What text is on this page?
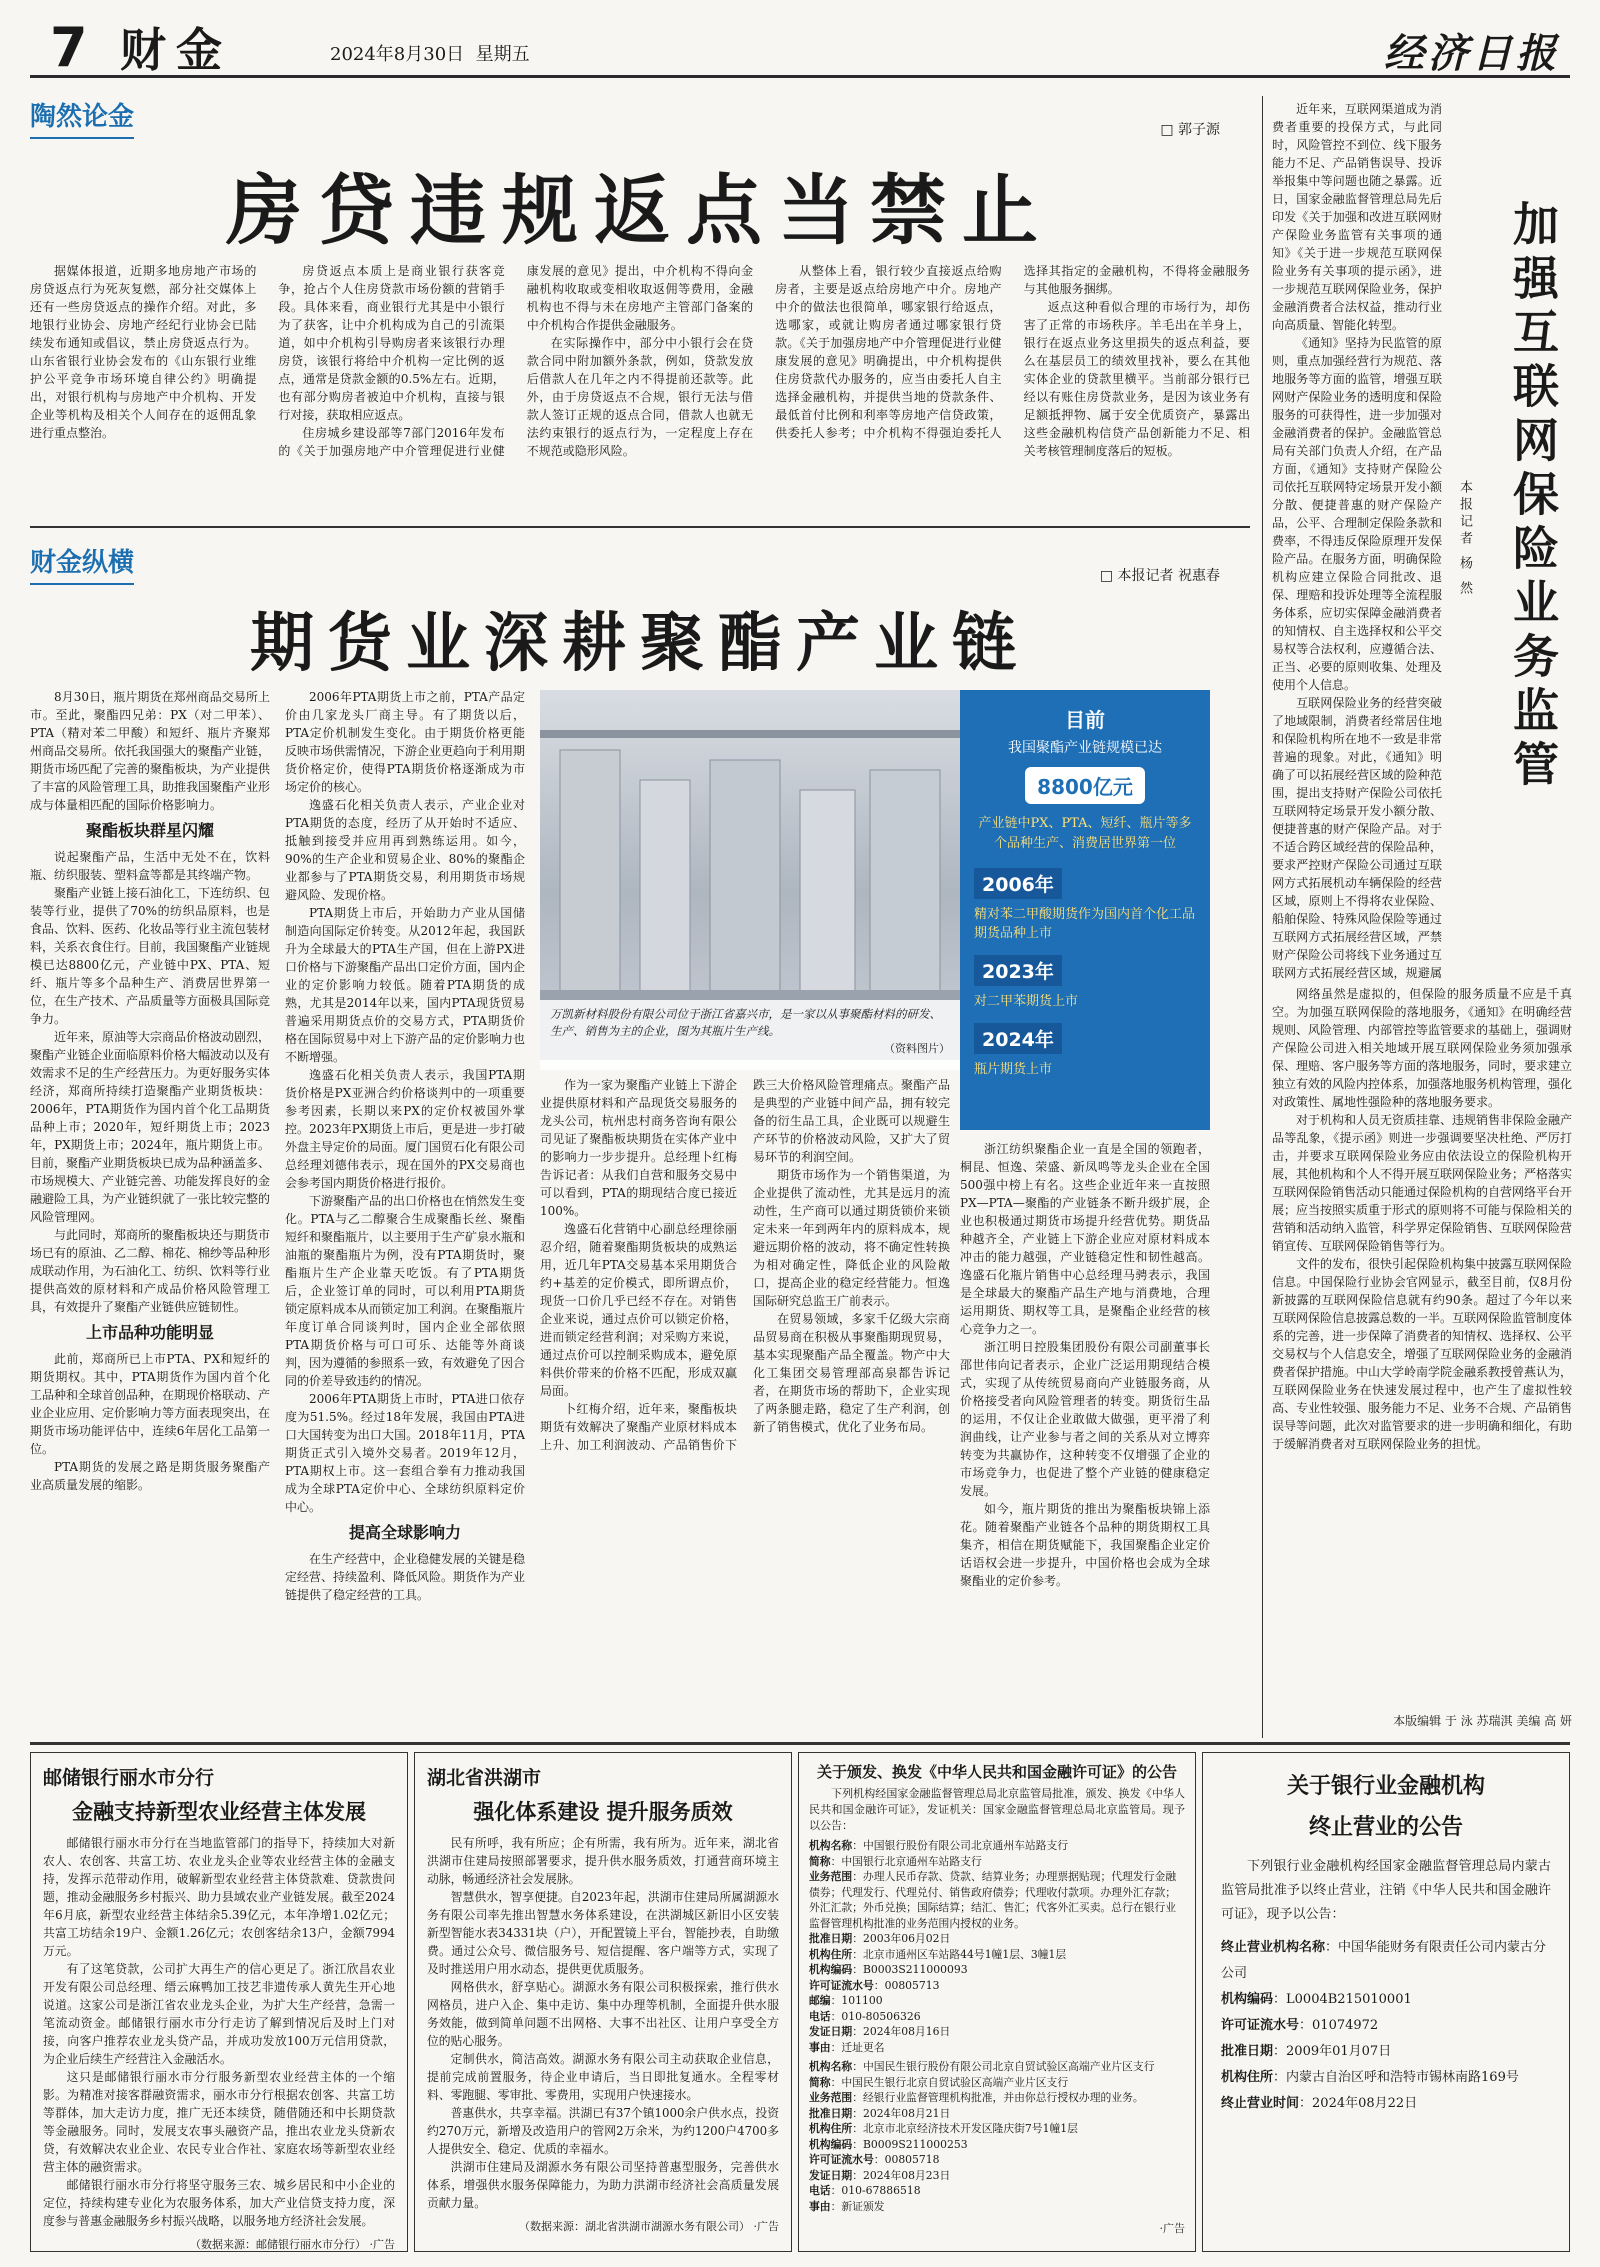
7 财金	2024年8月30日 星期五	经济日报
陶然论金	□ 郭子源
房贷违规返点当禁止

据媒体报道，近期多地房地产市场的房贷返点行为死灰复燃，部分社交媒体上还有一些房贷返点的操作介绍。对此，多地银行业协会、房地产经纪行业协会已陆续发布通知或倡议，禁止房贷返点行为。山东省银行业协会发布的《山东银行业维护公平竞争市场环境自律公约》明确提出，对银行机构与房地产中介机构、开发企业等机构及相关个人间存在的返佣乱象进行重点整治。

房贷返点本质上是商业银行获客竞争，抢占个人住房贷款市场份额的营销手段。具体来看，商业银行尤其是中小银行为了获客，让中介机构成为自己的引流渠道，如中介机构引导购房者来该银行办理房贷，该银行将给中介机构一定比例的返点，通常是贷款金额的0.5%左右。近期，也有部分购房者被迫中介机构，直接与银行对接，获取相应返点。

住房城乡建设部等7部门2016年发布的《关于加强房地产中介管理促进行业健康发展的意见》提出，中介机构不得向金融机构收取或变相收取返佣等费用，金融机构也不得与未在房地产主管部门备案的中介机构合作提供金融服务。

在实际操作中，部分中小银行会在贷款合同中附加额外条款，例如，贷款发放后借款人在几年之内不得提前还款等。此外，由于房贷返点不合规，银行无法与借款人签订正规的返点合同，借款人也就无法约束银行的返点行为，一定程度上存在不规范或隐形风险。

从整体上看，银行较少直接返点给购房者，主要是返点给房地产中介。房地产中介的做法也很简单，哪家银行给返点，选哪家，或就让购房者通过哪家银行贷款。《关于加强房地产中介管理促进行业健康发展的意见》明确提出，中介机构提供住房贷款代办服务的，应当由委托人自主选择金融机构，并提供当地的贷款条件、最低首付比例和利率等房地产信贷政策，供委托人参考；中介机构不得强迫委托人选择其指定的金融机构，不得将金融服务与其他服务捆绑。

返点这种看似合理的市场行为，却伤害了正常的市场秩序。羊毛出在羊身上，银行在返点业务这里损失的返点利益，要么在基层员工的绩效里找补，要么在其他实体企业的贷款里横平。当前部分银行已经以有账住房贷款业务，是因为该业务有足额抵押物、属于安全优质资产，暴露出这些金融机构信贷产品创新能力不足、相关考核管理制度落后的短板。

财金纵横	□ 本报记者 祝惠春
期货业深耕聚酯产业链
万凯新材料股份有限公司位于浙江省嘉兴市，是一家以从事聚酯材料的研发、生产、销售为主的企业，图为其瓶片生产线。
（资料图片）
目前
我国聚酯产业链规模已达
8800亿元
产业链中PX、PTA、短纤、瓶片等多个品种生产、消费居世界第一位
2006年
精对苯二甲酸期货作为国内首个化工品期货品种上市
2023年
对二甲苯期货上市
2024年
瓶片期货上市

8月30日，瓶片期货在郑州商品交易所上市。至此，聚酯四兄弟：PX（对二甲苯）、PTA（精对苯二甲酸）和短纤、瓶片齐聚郑州商品交易所。依托我国强大的聚酯产业链，期货市场匹配了完善的聚酯板块，为产业提供了丰富的风险管理工具，助推我国聚酯产业形成与体量相匹配的国际价格影响力。

聚酯板块群星闪耀

说起聚酯产品，生活中无处不在，饮料瓶、纺织服装、塑料盒等都是其终端产物。

聚酯产业链上接石油化工，下连纺织、包装等行业，提供了70%的纺织品原料，也是食品、饮料、医药、化妆品等行业主流包装材料，关系衣食住行。目前，我国聚酯产业链规模已达8800亿元，产业链中PX、PTA、短纤、瓶片等多个品种生产、消费居世界第一位，在生产技术、产品质量等方面极具国际竞争力。

近年来，原油等大宗商品价格波动剧烈，聚酯产业链企业面临原料价格大幅波动以及有效需求不足的生产经营压力。为更好服务实体经济，郑商所持续打造聚酯产业期货板块：2006年，PTA期货作为国内首个化工品期货品种上市；2020年，短纤期货上市；2023年，PX期货上市；2024年，瓶片期货上市。目前，聚酯产业期货板块已成为品种涵盖多、市场规模大、产业链完善、功能发挥良好的金融避险工具，为产业链织就了一张比较完整的风险管理网。

与此同时，郑商所的聚酯板块还与期货市场已有的原油、乙二醇、棉花、棉纱等品种形成联动作用，为石油化工、纺织、饮料等行业提供高效的原材料和产成品价格风险管理工具，有效提升了聚酯产业链供应链韧性。

上市品种功能明显

此前，郑商所已上市PTA、PX和短纤的期货期权。其中，PTA期货作为国内首个化工品种和全球首创品种，在期现价格联动、产业企业应用、定价影响力等方面表现突出，在期货市场功能评估中，连续6年居化工品第一位。

PTA期货的发展之路是期货服务聚酯产业高质量发展的缩影。

2006年PTA期货上市之前，PTA产品定价由几家龙头厂商主导。有了期货以后，PTA定价机制发生变化。由于期货价格更能反映市场供需情况，下游企业更趋向于利用期货价格定价，使得PTA期货价格逐渐成为市场定价的核心。

逸盛石化相关负责人表示，产业企业对PTA期货的态度，经历了从开始时不适应、抵触到接受并应用再到熟练运用。如今，90%的生产企业和贸易企业、80%的聚酯企业都参与了PTA期货交易，利用期货市场规避风险、发现价格。

PTA期货上市后，开始助力产业从国储制造向国际定价转变。从2012年起，我国跃升为全球最大的PTA生产国，但在上游PX进口价格与下游聚酯产品出口定价方面，国内企业的定价影响力较低。随着PTA期货的成熟，尤其是2014年以来，国内PTA现货贸易普遍采用期货点价的交易方式，PTA期货价格在国际贸易中对上下游产品的定价影响力也不断增强。

逸盛石化相关负责人表示，我国PTA期货价格是PX亚洲合约价格谈判中的一项重要参考因素，长期以来PX的定价权被国外掌控。2023年PX期货上市后，更是进一步打破外盘主导定价的局面。厦门国贸石化有限公司总经理刘德伟表示，现在国外的PX交易商也会参考国内期货价格进行报价。

下游聚酯产品的出口价格也在悄然发生变化。PTA与乙二醇聚合生成聚酯长丝、聚酯短纤和聚酯瓶片，以主要用于生产矿泉水瓶和油瓶的聚酯瓶片为例，没有PTA期货时，聚酯瓶片生产企业靠天吃饭。有了PTA期货后，企业签订单的同时，可以利用PTA期货锁定原料成本从而锁定加工利润。在聚酯瓶片年度订单合同谈判时，国内企业全部依照PTA期货价格与可口可乐、达能等外商谈判，因为遵循的参照系一致，有效避免了因合同的价差导致违约的情况。

2006年PTA期货上市时，PTA进口依存度为51.5%。经过18年发展，我国由PTA进口大国转变为出口大国。2018年11月，PTA期货正式引入境外交易者。2019年12月，PTA期权上市。这一套组合拳有力推动我国成为全球PTA定价中心、全球纺织原料定价中心。

提高全球影响力

在生产经营中，企业稳健发展的关键是稳定经营、持续盈利、降低风险。期货作为产业链提供了稳定经营的工具。

作为一家为聚酯产业链上下游企业提供原材料和产品现货交易服务的龙头公司，杭州忠村商务咨询有限公司见证了聚酯板块期货在实体产业中的影响力一步步提升。总经理卜红梅告诉记者：从我们自营和服务交易中可以看到，PTA的期现结合度已接近100%。

逸盛石化营销中心副总经理徐丽忍介绍，随着聚酯期货板块的成熟运用，近几年PTA交易基本采用期货合约+基差的定价模式，即所谓点价，现货一口价几乎已经不存在。对销售企业来说，通过点价可以锁定价格，进而锁定经营利润；对采购方来说，通过点价可以控制采购成本，避免原料供价带来的价格不匹配，形成双赢局面。

卜红梅介绍，近年来，聚酯板块期货有效解决了聚酯产业原材料成本上升、加工利润波动、产品销售价下跌三大价格风险管理痛点。聚酯产品是典型的产业链中间产品，拥有较完备的衍生品工具，企业既可以规避生产环节的价格波动风险，又扩大了贸易环节的利润空间。

期货市场作为一个销售渠道，为企业提供了流动性，尤其是远月的流动性，生产商可以通过期货锁价来锁定未来一年到两年内的原料成本，规避远期价格的波动，将不确定性转换为相对确定性，降低企业的风险敞口，提高企业的稳定经营能力。恒逸国际研究总监王广前表示。

在贸易领域，多家千亿级大宗商品贸易商在积极从事聚酯期现贸易，基本实现聚酯产品全覆盖。物产中大化工集团交易管理部高泉都告诉记者，在期货市场的帮助下，企业实现了两条腿走路，稳定了生产利润，创新了销售模式，优化了业务布局。

浙江纺织聚酯企业一直是全国的领跑者，桐昆、恒逸、荣盛、新凤鸣等龙头企业在全国500强中榜上有名。这些企业近年来一直按照PX—PTA—聚酯的产业链条不断升级扩展，企业也积极通过期货市场提升经营优势。期货品种越齐全，产业链上下游企业应对原材料成本冲击的能力越强，产业链稳定性和韧性越高。逸盛石化瓶片销售中心总经理马骋表示，我国是全球最大的聚酯产品生产地与消费地，合理运用期货、期权等工具，是聚酯企业经营的核心竞争力之一。

浙江明日控股集团股份有限公司副董事长邵世伟向记者表示，企业广泛运用期现结合模式，实现了从传统贸易商向产业链服务商，从价格接受者向风险管理者的转变。期货衍生品的运用，不仅让企业敢做大做强，更平滑了利润曲线，让产业参与者之间的关系从对立博弈转变为共赢协作，这种转变不仅增强了企业的市场竞争力，也促进了整个产业链的健康稳定发展。

如今，瓶片期货的推出为聚酯板块锦上添花。随着聚酯产业链各个品种的期货期权工具集齐，相信在期货赋能下，我国聚酯企业定价话语权会进一步提升，中国价格也会成为全球聚酯业的定价参考。

加强互联网保险业务监管
本报记者 杨 然

近年来，互联网渠道成为消费者重要的投保方式，与此同时，风险管控不到位、线下服务能力不足、产品销售误导、投诉举报集中等问题也随之暴露。近日，国家金融监督管理总局先后印发《关于加强和改进互联网财产保险业务监管有关事项的通知》《关于进一步规范互联网保险业务有关事项的提示函》，进一步规范互联网保险业务，保护金融消费者合法权益，推动行业向高质量、智能化转型。

《通知》坚持为民监管的原则，重点加强经营行为规范、落地服务等方面的监管，增强互联网财产保险业务的透明度和保险服务的可获得性，进一步加强对金融消费者的保护。金融监管总局有关部门负责人介绍，在产品方面，《通知》支持财产保险公司依托互联网特定场景开发小额分散、便捷普惠的财产保险产品，公平、合理制定保险条款和费率，不得违反保险原理开发保险产品。在服务方面，明确保险机构应建立保险合同批改、退保、理赔和投诉处理等全流程服务体系，应切实保障金融消费者的知情权、自主选择权和公平交易权等合法权利，应遵循合法、正当、必要的原则收集、处理及使用个人信息。

互联网保险业务的经营突破了地域限制，消费者经常居住地和保险机构所在地不一致是非常普遍的现象。对此，《通知》明确了可以拓展经营区域的险种范围，提出支持财产保险公司依托互联网特定场景开发小额分散、便捷普惠的财产保险产品。对于不适合跨区域经营的保险品种，要求严控财产保险公司通过互联网方式拓展机动车辆保险的经营区域，原则上不得将农业保险、船舶保险、特殊风险保险等通过互联网方式拓展经营区域，严禁财产保险公司将线下业务通过互联网方式拓展经营区域，规避属

网络虽然是虚拟的，但保险的服务质量不应是千真空。为加强互联网保险的落地服务，《通知》在明确经营规则、风险管理、内部管控等监管要求的基础上，强调财产保险公司进入相关地域开展互联网保险业务须加强承保、理赔、客户服务等方面的落地服务，同时，要求建立独立有效的风险内控体系，加强落地服务机构管理，强化对政策性、属地性强险种的落地服务要求。

对于机构和人员无资质挂靠、违规销售非保险金融产品等乱象，《提示函》则进一步强调要坚决杜绝、严厉打击，并要求互联网保险业务应由依法设立的保险机构开展，其他机构和个人不得开展互联网保险业务；严格落实互联网保险销售活动只能通过保险机构的自营网络平台开展；应当按照实质重于形式的原则将不可能与保险相关的营销和活动纳入监管，科学界定保险销售、互联网保险营销宣传、互联网保险销售等行为。

文件的发布，很快引起保险机构集中披露互联网保险信息。中国保险行业协会官网显示，截至目前，仅8月份新披露的互联网保险信息就有约90条。超过了今年以来互联网保险信息披露总数的一半。互联网保险监管制度体系的完善，进一步保障了消费者的知情权、选择权、公平交易权与个人信息安全，增强了互联网保险业务的金融消费者保护措施。中山大学岭南学院金融系教授曾燕认为，互联网保险业务在快速发展过程中，也产生了虚拟性较高、专业性较强、服务能力不足、业务不合规、产品销售误导等问题，此次对监管要求的进一步明确和细化，有助于缓解消费者对互联网保险业务的担忧。

本版编辑 于 泳 苏瑞淇 美编 高 妍
邮储银行丽水市分行
金融支持新型农业经营主体发展

邮储银行丽水市分行在当地监管部门的指导下，持续加大对新农人、农创客、共富工坊、农业龙头企业等农业经营主体的金融支持，发挥示范带动作用，破解新型农业经营主体贷款难、贷款贵问题，推动金融服务乡村振兴、助力县域农业产业链发展。截至2024年6月底，新型农业经营主体结余5.39亿元，本年净增1.02亿元；共富工坊结余19户、金额1.26亿元；农创客结余13户，金额7994万元。

有了这笔贷款，公司扩大再生产的信心更足了。浙江欣昌农业开发有限公司总经理、缙云麻鸭加工技艺非遗传承人黄先生开心地说道。这家公司是浙江省农业龙头企业，为扩大生产经营，急需一笔流动资金。邮储银行丽水市分行走访了解到情况后及时上门对接，向客户推荐农业龙头贷产品，并成功发放100万元信用贷款，为企业后续生产经营注入金融活水。

这只是邮储银行丽水市分行服务新型农业经营主体的一个缩影。为精准对接客群融资需求，丽水市分行根据农创客、共富工坊等群体，加大走访力度，推广无还本续贷，随借随还和中长期贷款等金融服务。同时，发展支农事头融资产品，推出农业龙头贷新农贷，有效解决农业企业、农民专业合作社、家庭农场等新型农业经营主体的融资需求。

邮储银行丽水市分行将坚守服务三农、城乡居民和中小企业的定位，持续构建专业化为农服务体系，加大产业信贷支持力度，深度参与普惠金融服务乡村振兴战略，以服务地方经济社会发展。

（数据来源：邮储银行丽水市分行） ·广告
湖北省洪湖市
强化体系建设 提升服务质效

民有所呼，我有所应；企有所需，我有所为。近年来，湖北省洪湖市住建局按照部署要求，提升供水服务质效，打通营商环境主动脉，畅通经济社会发展脉。

智慧供水，智享便捷。自2023年起，洪湖市住建局所属湖源水务有限公司率先推出智慧水务体系建设，在洪湖城区新旧小区安装新型智能水表34331块（户），开配置镜上平台，智能抄表，自助缴费。通过公众号、微信服务号、短信提醒、客户端等方式，实现了及时推送用户用水动态，提供更优质服务。

网格供水，舒享贴心。湖源水务有限公司积极探索，推行供水网格员，进户入企、集中走访、集中办理等机制，全面提升供水服务效能，做到简单问题不出网格、大事不出社区、让用户享受全方位的贴心服务。

定制供水，简洁高效。湖源水务有限公司主动获取企业信息，提前完成前置服务，待企业申请后，当日即批复通水。全程零材料、零跑腿、零审批、零费用，实现用户快速接水。

普惠供水，共享幸福。洪湖已有37个镇1000余户供水点，投资约270万元，新增及改造用户的管网2万余米，为约1200户4700多人提供安全、稳定、优质的幸福水。

洪湖市住建局及湖源水务有限公司坚持普惠型服务，完善供水体系，增强供水服务保障能力，为助力洪湖市经济社会高质量发展贡献力量。

（数据来源：湖北省洪湖市湖源水务有限公司） ·广告
关于颁发、换发《中华人民共和国金融许可证》的公告

下列机构经国家金融监督管理总局北京监管局批准，颁发、换发《中华人民共和国金融许可证》，发证机关：国家金融监督管理总局北京监管局。现予以公告：

机构名称：中国银行股份有限公司北京通州车站路支行
简称：中国银行北京通州车站路支行
业务范围：办理人民币存款、贷款、结算业务；办理票据贴现；代理发行金融债券；代理发行、代理兑付、销售政府债券；代理收付款项。办理外汇存款；外汇汇款；外币兑换；国际结算；结汇、售汇；代客外汇买卖。总行在银行业监督管理机构批准的业务范围内授权的业务。
批准日期：2003年06月02日
机构住所：北京市通州区车站路44号1幢1层、3幢1层
机构编码：B0003S211000093
许可证流水号：00805713
邮编：101100
电话：010-80506326
发证日期：2024年08月16日
事由：迁址更名
机构名称：中国民生银行股份有限公司北京自贸试验区高端产业片区支行
简称：中国民生银行北京自贸试验区高端产业片区支行
业务范围：经银行业监督管理机构批准，并由你总行授权办理的业务。
批准日期：2024年08月21日
机构住所：北京市北京经济技术开发区隆庆街7号1幢1层
机构编码：B0009S211000253
许可证流水号：00805718
发证日期：2024年08月23日
电话：010-67886518
事由：新证颁发
·广告
关于银行业金融机构
终止营业的公告

下列银行业金融机构经国家金融监督管理总局内蒙古监管局批准予以终止营业，注销《中华人民共和国金融许可证》，现予以公告：

终止营业机构名称：中国华能财务有限责任公司内蒙古分公司
机构编码：L0004B215010001
许可证流水号：01074972
批准日期：2009年01月07日
机构住所：内蒙古自治区呼和浩特市锡林南路169号
终止营业时间：2024年08月22日
